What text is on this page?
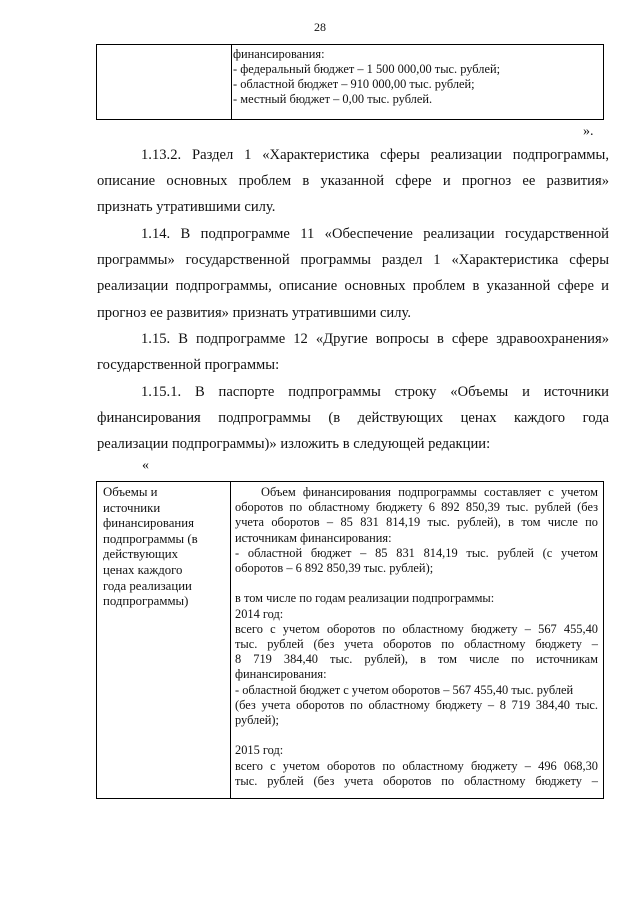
28
финансирования:
- федеральный бюджет – 1 500 000,00 тыс. рублей;
- областной бюджет – 910 000,00 тыс. рублей;
- местный бюджет – 0,00 тыс. рублей.
».
1.13.2. Раздел 1 «Характеристика сферы реализации подпрограммы,
описание основных проблем в указанной сфере и прогноз ее развития»
признать утратившими силу.
1.14. В подпрограмме 11 «Обеспечение реализации государственной
программы» государственной программы раздел 1 «Характеристика сферы
реализации подпрограммы, описание основных проблем в указанной сфере и
прогноз ее развития» признать утратившими силу.
1.15. В подпрограмме 12 «Другие вопросы в сфере здравоохранения»
государственной программы:
1.15.1. В паспорте подпрограммы строку «Объемы и источники
финансирования подпрограммы (в действующих ценах каждого года
реализации подпрограммы)» изложить в следующей редакции:
«
Объемы и
источники
финансирования
подпрограммы (в
действующих
ценах каждого
года реализации
подпрограммы)
Объем финансирования подпрограммы составляет с учетом
оборотов по областному бюджету 6 892 850,39 тыс. рублей (без
учета оборотов – 85 831 814,19 тыс. рублей), в том числе по
источникам финансирования:
- областной бюджет – 85 831 814,19 тыс. рублей (с учетом
оборотов – 6 892 850,39 тыс. рублей);
в том числе по годам реализации подпрограммы:
2014 год:
всего с учетом оборотов по областному бюджету – 567 455,40
тыс. рублей (без учета оборотов по областному бюджету –
8 719 384,40 тыс. рублей), в том числе по источникам
финансирования:
- областной бюджет с учетом оборотов – 567 455,40 тыс. рублей
(без учета оборотов по областному бюджету – 8 719 384,40 тыс.
рублей);
2015 год:
всего с учетом оборотов по областному бюджету – 496 068,30
тыс. рублей (без учета оборотов по областному бюджету –
